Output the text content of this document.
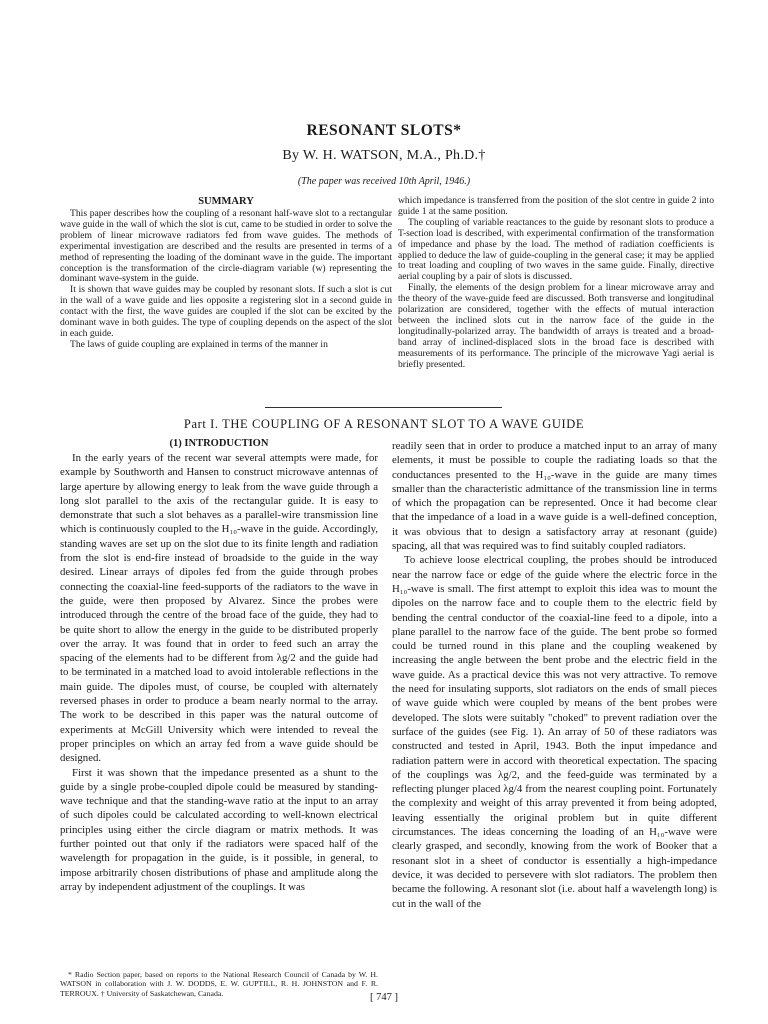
RESONANT SLOTS*
By W. H. WATSON, M.A., Ph.D.†
(The paper was received 10th April, 1946.)
SUMMARY

This paper describes how the coupling of a resonant half-wave slot to a rectangular wave guide in the wall of which the slot is cut, came to be studied in order to solve the problem of linear microwave radiators fed from wave guides. The methods of experimental investigation are described and the results are presented in terms of a method of representing the loading of the dominant wave in the guide. The important conception is the transformation of the circle-diagram variable (w) representing the dominant wave-system in the guide.

It is shown that wave guides may be coupled by resonant slots. If such a slot is cut in the wall of a wave guide and lies opposite a registering slot in a second guide in contact with the first, the wave guides are coupled if the slot can be excited by the dominant wave in both guides. The type of coupling depends on the aspect of the slot in each guide.

The laws of guide coupling are explained in terms of the manner in

which impedance is transferred from the position of the slot centre in guide 2 into guide 1 at the same position.

The coupling of variable reactances to the guide by resonant slots to produce a T-section load is described, with experimental confirmation of the transformation of impedance and phase by the load. The method of radiation coefficients is applied to deduce the law of guide-coupling in the general case; it may be applied to treat loading and coupling of two waves in the same guide. Finally, directive aerial coupling by a pair of slots is discussed.

Finally, the elements of the design problem for a linear microwave array and the theory of the wave-guide feed are discussed. Both transverse and longitudinal polarization are considered, together with the effects of mutual interaction between the inclined slots cut in the narrow face of the guide in the longitudinally-polarized array. The bandwidth of arrays is treated and a broad-band array of inclined-displaced slots in the broad face is described with measurements of its performance. The principle of the microwave Yagi aerial is briefly presented.

Part I. THE COUPLING OF A RESONANT SLOT TO A WAVE GUIDE
(1) INTRODUCTION

In the early years of the recent war several attempts were made, for example by Southworth and Hansen to construct microwave antennas of large aperture by allowing energy to leak from the wave guide through a long slot parallel to the axis of the rectangular guide. It is easy to demonstrate that such a slot behaves as a parallel-wire transmission line which is continuously coupled to the H₁₀-wave in the guide. Accordingly, standing waves are set up on the slot due to its finite length and radiation from the slot is end-fire instead of broadside to the guide in the way desired. Linear arrays of dipoles fed from the guide through probes connecting the coaxial-line feed-supports of the radiators to the wave in the guide, were then proposed by Alvarez. Since the probes were introduced through the centre of the broad face of the guide, they had to be quite short to allow the energy in the guide to be distributed properly over the array. It was found that in order to feed such an array the spacing of the elements had to be different from λg/2 and the guide had to be terminated in a matched load to avoid intolerable reflections in the main guide. The dipoles must, of course, be coupled with alternately reversed phases in order to produce a beam nearly normal to the array. The work to be described in this paper was the natural outcome of experiments at McGill University which were intended to reveal the proper principles on which an array fed from a wave guide should be designed.

First it was shown that the impedance presented as a shunt to the guide by a single probe-coupled dipole could be measured by standing-wave technique and that the standing-wave ratio at the input to an array of such dipoles could be calculated according to well-known electrical principles using either the circle diagram or matrix methods. It was further pointed out that only if the radiators were spaced half of the wavelength for propagation in the guide, is it possible, in general, to impose arbitrarily chosen distributions of phase and amplitude along the array by independent adjustment of the couplings. It was

readily seen that in order to produce a matched input to an array of many elements, it must be possible to couple the radiating loads so that the conductances presented to the H₁₀-wave in the guide are many times smaller than the characteristic admittance of the transmission line in terms of which the propagation can be represented. Once it had become clear that the impedance of a load in a wave guide is a well-defined conception, it was obvious that to design a satisfactory array at resonant (guide) spacing, all that was required was to find suitably coupled radiators.

To achieve loose electrical coupling, the probes should be introduced near the narrow face or edge of the guide where the electric force in the H₁₀-wave is small. The first attempt to exploit this idea was to mount the dipoles on the narrow face and to couple them to the electric field by bending the central conductor of the coaxial-line feed to a dipole, into a plane parallel to the narrow face of the guide. The bent probe so formed could be turned round in this plane and the coupling weakened by increasing the angle between the bent probe and the electric field in the wave guide. As a practical device this was not very attractive. To remove the need for insulating supports, slot radiators on the ends of small pieces of wave guide which were coupled by means of the bent probes were developed. The slots were suitably "choked" to prevent radiation over the surface of the guides (see Fig. 1). An array of 50 of these radiators was constructed and tested in April, 1943. Both the input impedance and radiation pattern were in accord with theoretical expectation. The spacing of the couplings was λg/2, and the feed-guide was terminated by a reflecting plunger placed λg/4 from the nearest coupling point. Fortunately the complexity and weight of this array prevented it from being adopted, leaving essentially the original problem but in quite different circumstances. The ideas concerning the loading of an H₁₀-wave were clearly grasped, and secondly, knowing from the work of Booker that a resonant slot in a sheet of conductor is essentially a high-impedance device, it was decided to persevere with slot radiators. The problem then became the following. A resonant slot (i.e. about half a wavelength long) is cut in the wall of the

* Radio Section paper, based on reports to the National Research Council of Canada by W. H. WATSON in collaboration with J. W. DODDS, E. W. GUPTILL, R. H. JOHNSTON and F. R. TERROUX. † University of Saskatchewan, Canada.	[ 747 ]
